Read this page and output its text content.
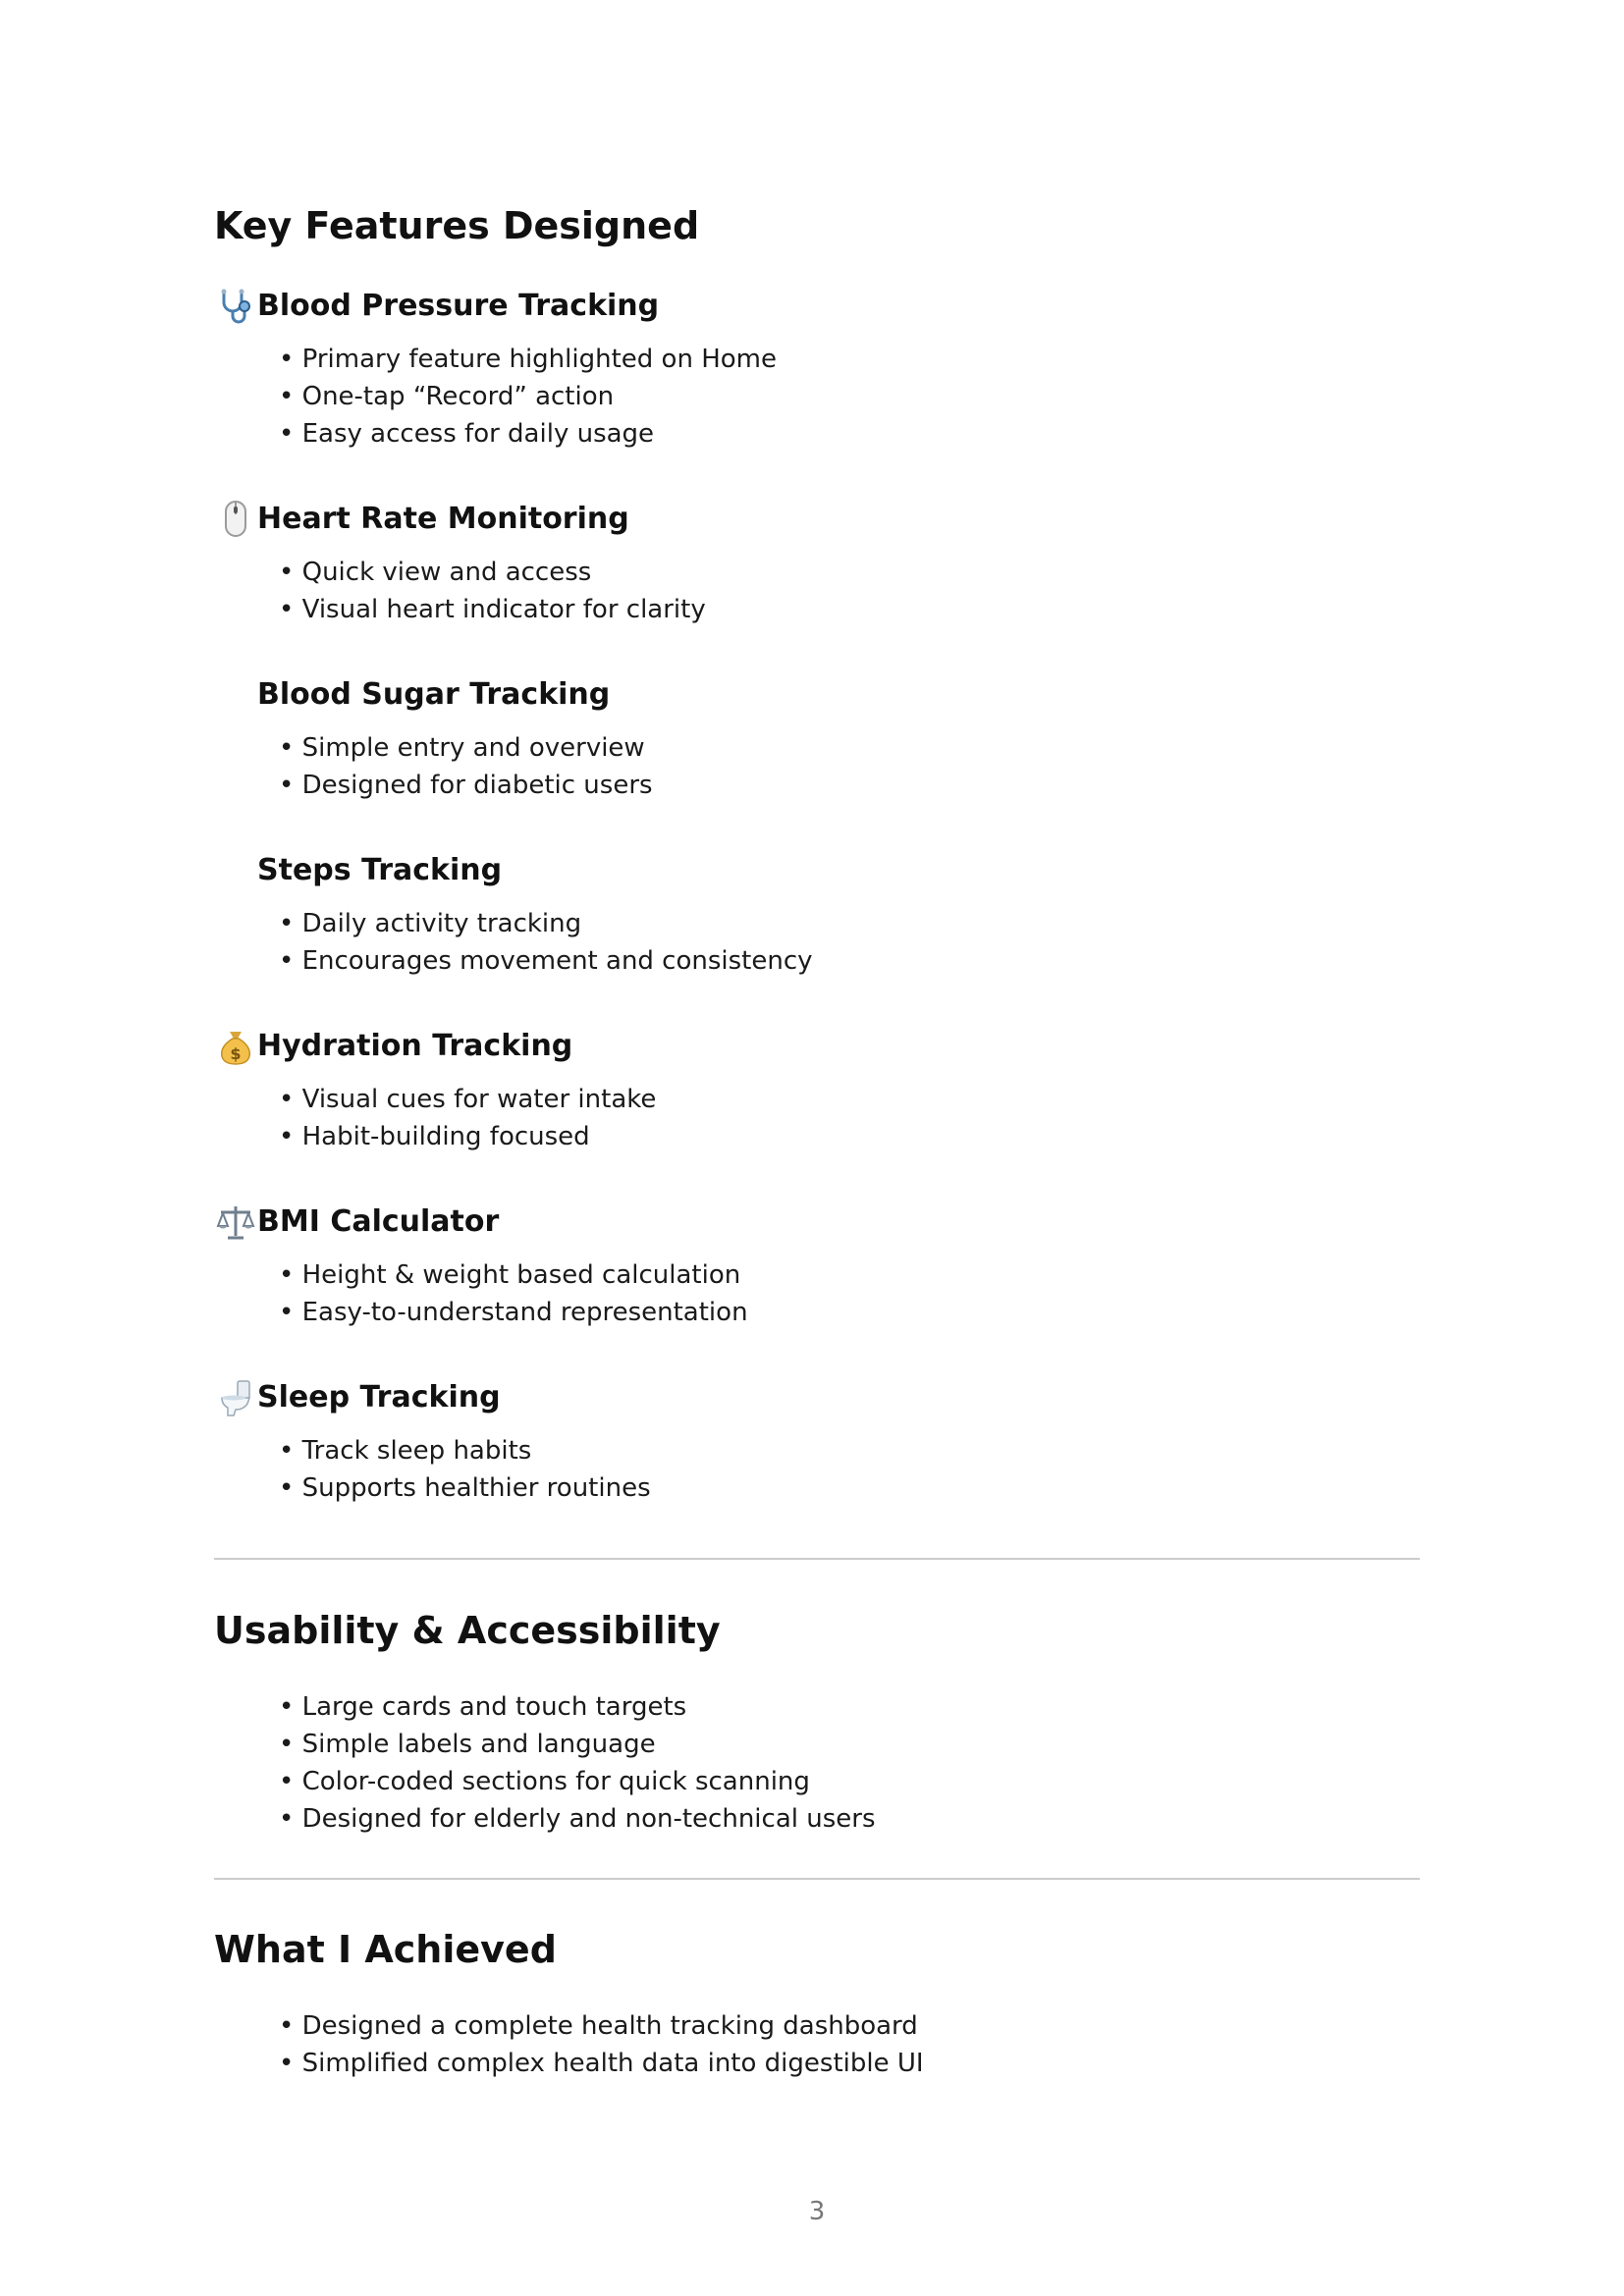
Key Features Designed
Blood Pressure Tracking
• Primary feature highlighted on Home
• One-tap “Record” action
• Easy access for daily usage
Heart Rate Monitoring
• Quick view and access
• Visual heart indicator for clarity
Blood Sugar Tracking
• Simple entry and overview
• Designed for diabetic users
Steps Tracking
• Daily activity tracking
• Encourages movement and consistency
$ Hydration Tracking
• Visual cues for water intake
• Habit-building focused
BMI Calculator
• Height & weight based calculation
• Easy-to-understand representation
Sleep Tracking
• Track sleep habits
• Supports healthier routines
Usability & Accessibility
• Large cards and touch targets
• Simple labels and language
• Color-coded sections for quick scanning
• Designed for elderly and non-technical users
What I Achieved
• Designed a complete health tracking dashboard
• Simplified complex health data into digestible UI
3
